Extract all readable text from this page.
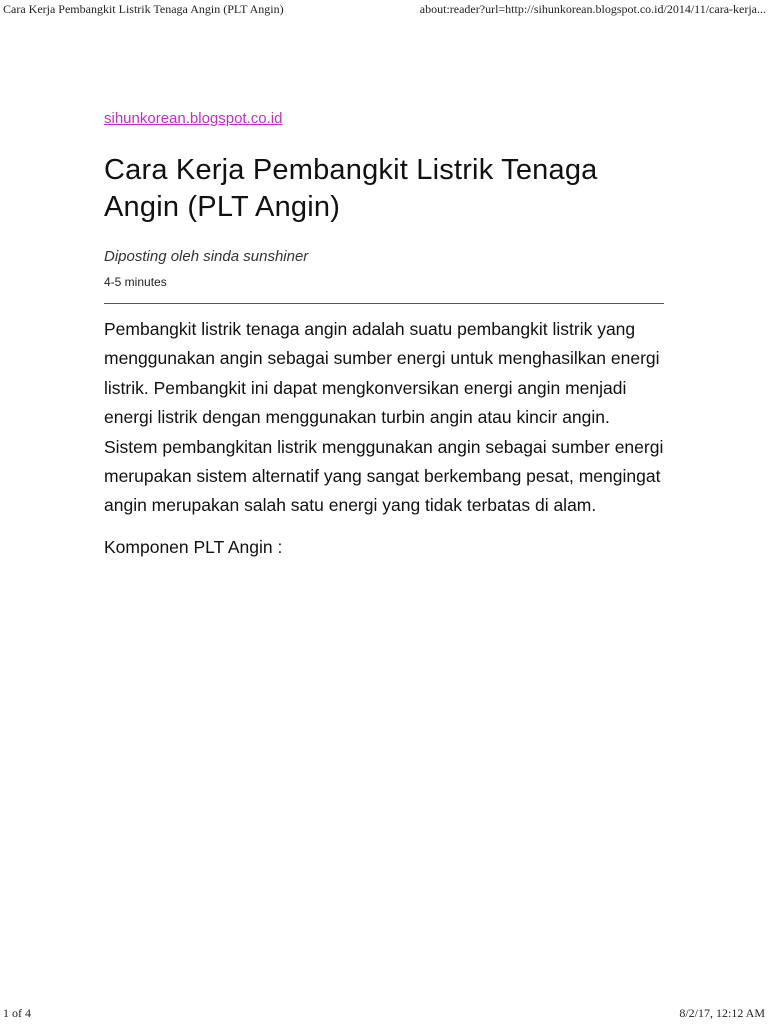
Cara Kerja Pembangkit Listrik Tenaga Angin (PLT Angin)	about:reader?url=http://sihunkorean.blogspot.co.id/2014/11/cara-kerja...
sihunkorean.blogspot.co.id
Cara Kerja Pembangkit Listrik Tenaga Angin (PLT Angin)
Diposting oleh sinda sunshiner
4-5 minutes

Pembangkit listrik tenaga angin adalah suatu pembangkit listrik yang menggunakan angin sebagai sumber energi untuk menghasilkan energi listrik. Pembangkit ini dapat mengkonversikan energi angin menjadi energi listrik dengan menggunakan turbin angin atau kincir angin. Sistem pembangkitan listrik menggunakan angin sebagai sumber energi merupakan sistem alternatif yang sangat berkembang pesat, mengingat angin merupakan salah satu energi yang tidak terbatas di alam.

Komponen PLT Angin :

1 of 4	8/2/17, 12:12 AM
